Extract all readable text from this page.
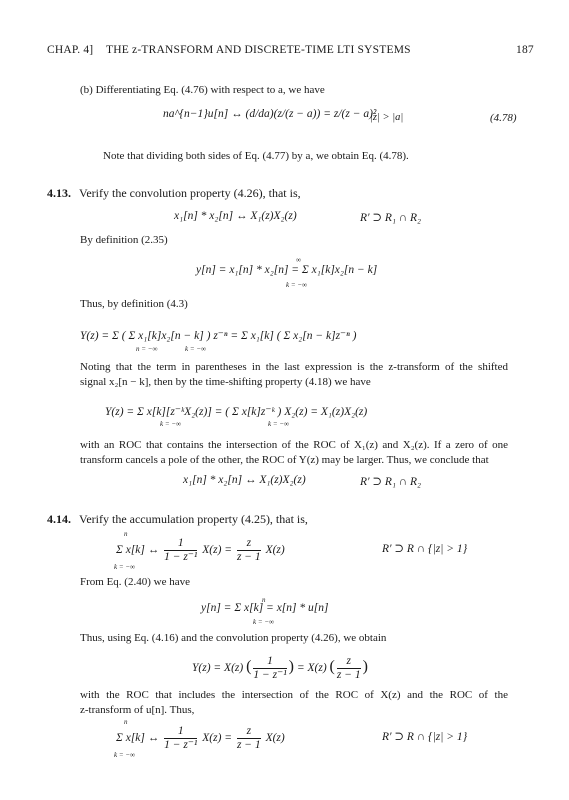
CHAP. 4] THE z-TRANSFORM AND DISCRETE-TIME LTI SYSTEMS	187
(b) Differentiating Eq. (4.76) with respect to a, we have
na^{n−1}u[n] ↔ (d/da)(z/(z − a)) = z/(z − a)²
|z| > |a|	(4.78)
Note that dividing both sides of Eq. (4.77) by a, we obtain Eq. (4.78).
4.13. Verify the convolution property (4.26), that is,
x₁[n] * x₂[n] ↔ X₁(z)X₂(z)	R′ ⊃ R₁ ∩ R₂
By definition (2.35)
y[n] = x₁[n] * x₂[n] = Σ x₁[k]x₂[n − k]
∞
k = −∞
Thus, by definition (4.3)
Y(z) = Σ ( Σ x₁[k]x₂[n − k] ) z⁻ⁿ = Σ x₁[k] ( Σ x₂[n − k]z⁻ⁿ )
n = −∞	k = −∞
Noting that the term in parentheses in the last expression is the z-transform of the shifted
signal x₂[n − k], then by the time-shifting property (4.18) we have
Y(z) = Σ x[k][z⁻ᵏX₂(z)] = ( Σ x[k]z⁻ᵏ ) X₂(z) = X₁(z)X₂(z)
k = −∞	k = −∞
with an ROC that contains the intersection of the ROC of X₁(z) and X₂(z). If a zero of one
transform cancels a pole of the other, the ROC of Y(z) may be larger. Thus, we conclude that
x₁[n] * x₂[n] ↔ X₁(z)X₂(z)	R′ ⊃ R₁ ∩ R₂
4.14. Verify the accumulation property (4.25), that is,
Σ x[k] ↔ $\frac{1}{\text{1 − z⁻¹}} X(z) = \frac{z}{z - 1} X(z)$
n
k = −∞
R′ ⊃ R ∩ {|z| > 1}
From Eq. (2.40) we have
y[n] = Σ x[k] = x[n] * u[n]
n
k = −∞
Thus, using Eq. (4.16) and the convolution property (4.26), we obtain
Y(z) = X(z) ( $\frac{1}{\text{1 − z⁻¹}}$ ) = X(z) ( $\frac{z}{z - 1}$ )
with the ROC that includes the intersection of the ROC of X(z) and the ROC of the
z-transform of u[n]. Thus,
Σ x[k] ↔ $\frac{1}{\text{1 − z⁻¹}} X(z) = \frac{z}{z - 1} X(z)$
n
k = −∞
R′ ⊃ R ∩ {|z| > 1}
